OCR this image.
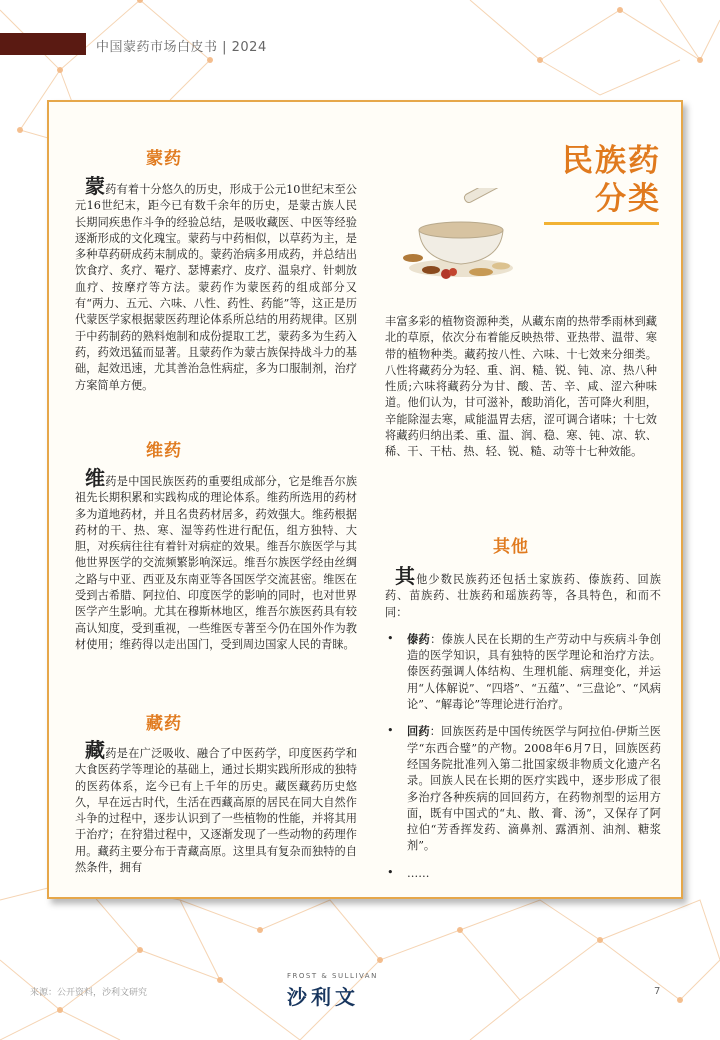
中国蒙药市场白皮书 | 2024
蒙药

蒙药有着十分悠久的历史，形成于公元10世纪末至公元16世纪末，距今已有数千余年的历史，是蒙古族人民长期同疾患作斗争的经验总结，是吸收藏医、中医等经验逐渐形成的文化瑰宝。蒙药与中药相似，以草药为主，是多种草药研成药末制成的。蒙药治病多用成药，并总结出饮食疗、炙疗、罨疗、瑟博素疗、皮疗、温泉疗、针刺放血疗、按摩疗等方法。蒙药作为蒙医药的组成部分又有“两力、五元、六味、八性、药性、药能”等，这正是历代蒙医学家根据蒙医药理论体系所总结的用药规律。区别于中药制药的熟料炮制和成份提取工艺，蒙药多为生药入药，药效迅猛而显著。且蒙药作为蒙古族保持战斗力的基础，起效迅速，尤其善治急性病症，多为口服制剂，治疗方案简单方便。

维药

维药是中国民族医药的重要组成部分，它是维吾尔族祖先长期积累和实践构成的理论体系。维药所选用的药材多为道地药材，并且名贵药材居多，药效强大。维药根据药材的干、热、寒、湿等药性进行配伍，组方独特、大胆，对疾病往往有着针对病症的效果。维吾尔族医学与其他世界医学的交流频繁影响深远。维吾尔族医学经由丝绸之路与中亚、西亚及东南亚等各国医学交流甚密。维医在受到古希腊、阿拉伯、印度医学的影响的同时，也对世界医学产生影响。尤其在穆斯林地区，维吾尔族医药具有较高认知度，受到重视，一些维医专著至今仍在国外作为教材使用；维药得以走出国门，受到周边国家人民的青睐。

藏药

藏药是在广泛吸收、融合了中医药学，印度医药学和大食医药学等理论的基础上，通过长期实践所形成的独特的医药体系，迄今已有上千年的历史。藏医藏药历史悠久，早在远古时代，生活在西藏高原的居民在同大自然作斗争的过程中，逐步认识到了一些植物的性能，并将其用于治疗；在狩猎过程中，又逐渐发现了一些动物的药理作用。藏药主要分布于青藏高原。这里具有复杂而独特的自然条件，拥有

民族药
分类

丰富多彩的植物资源种类，从藏东南的热带季雨林到藏北的草原，依次分布着能反映热带、亚热带、温带、寒带的植物种类。藏药按八性、六味、十七效来分细类。八性将藏药分为轻、重、润、糙、锐、钝、凉、热八种性质;六味将藏药分为甘、酸、苦、辛、咸、涩六种味道。他们认为，甘可滋补，酸助消化，苦可降火利胆，辛能除湿去寒，咸能温胃去痞，涩可调合诸味；十七效将藏药归纳出柔、重、温、润、稳、寒、钝、凉、软、稀、干、干枯、热、轻、锐、糙、动等十七种效能。

其他

其他少数民族药还包括土家族药、傣族药、回族药、苗族药、壮族药和瑶族药等，各具特色，和而不同：

• 傣药：傣族人民在长期的生产劳动中与疾病斗争创造的医学知识，具有独特的医学理论和治疗方法。傣医药强调人体结构、生理机能、病理变化，并运用“人体解说”、“四塔”、“五蕴”、“三盘论”、“风病论”、“解毒论”等理论进行治疗。
• 回药：回族医药是中国传统医学与阿拉伯-伊斯兰医学“东西合璧”的产物。2008年6月7日，回族医药经国务院批准列入第二批国家级非物质文化遗产名录。回族人民在长期的医疗实践中，逐步形成了很多治疗各种疾病的回回药方，在药物剂型的运用方面，既有中国式的“丸、散、膏、汤”，又保存了阿拉伯“芳香挥发药、滴鼻剂、露酒剂、油剂、糖浆剂”。
• ……
来源：公开资料，沙利文研究
FROST & SULLIVAN
沙利文	7
